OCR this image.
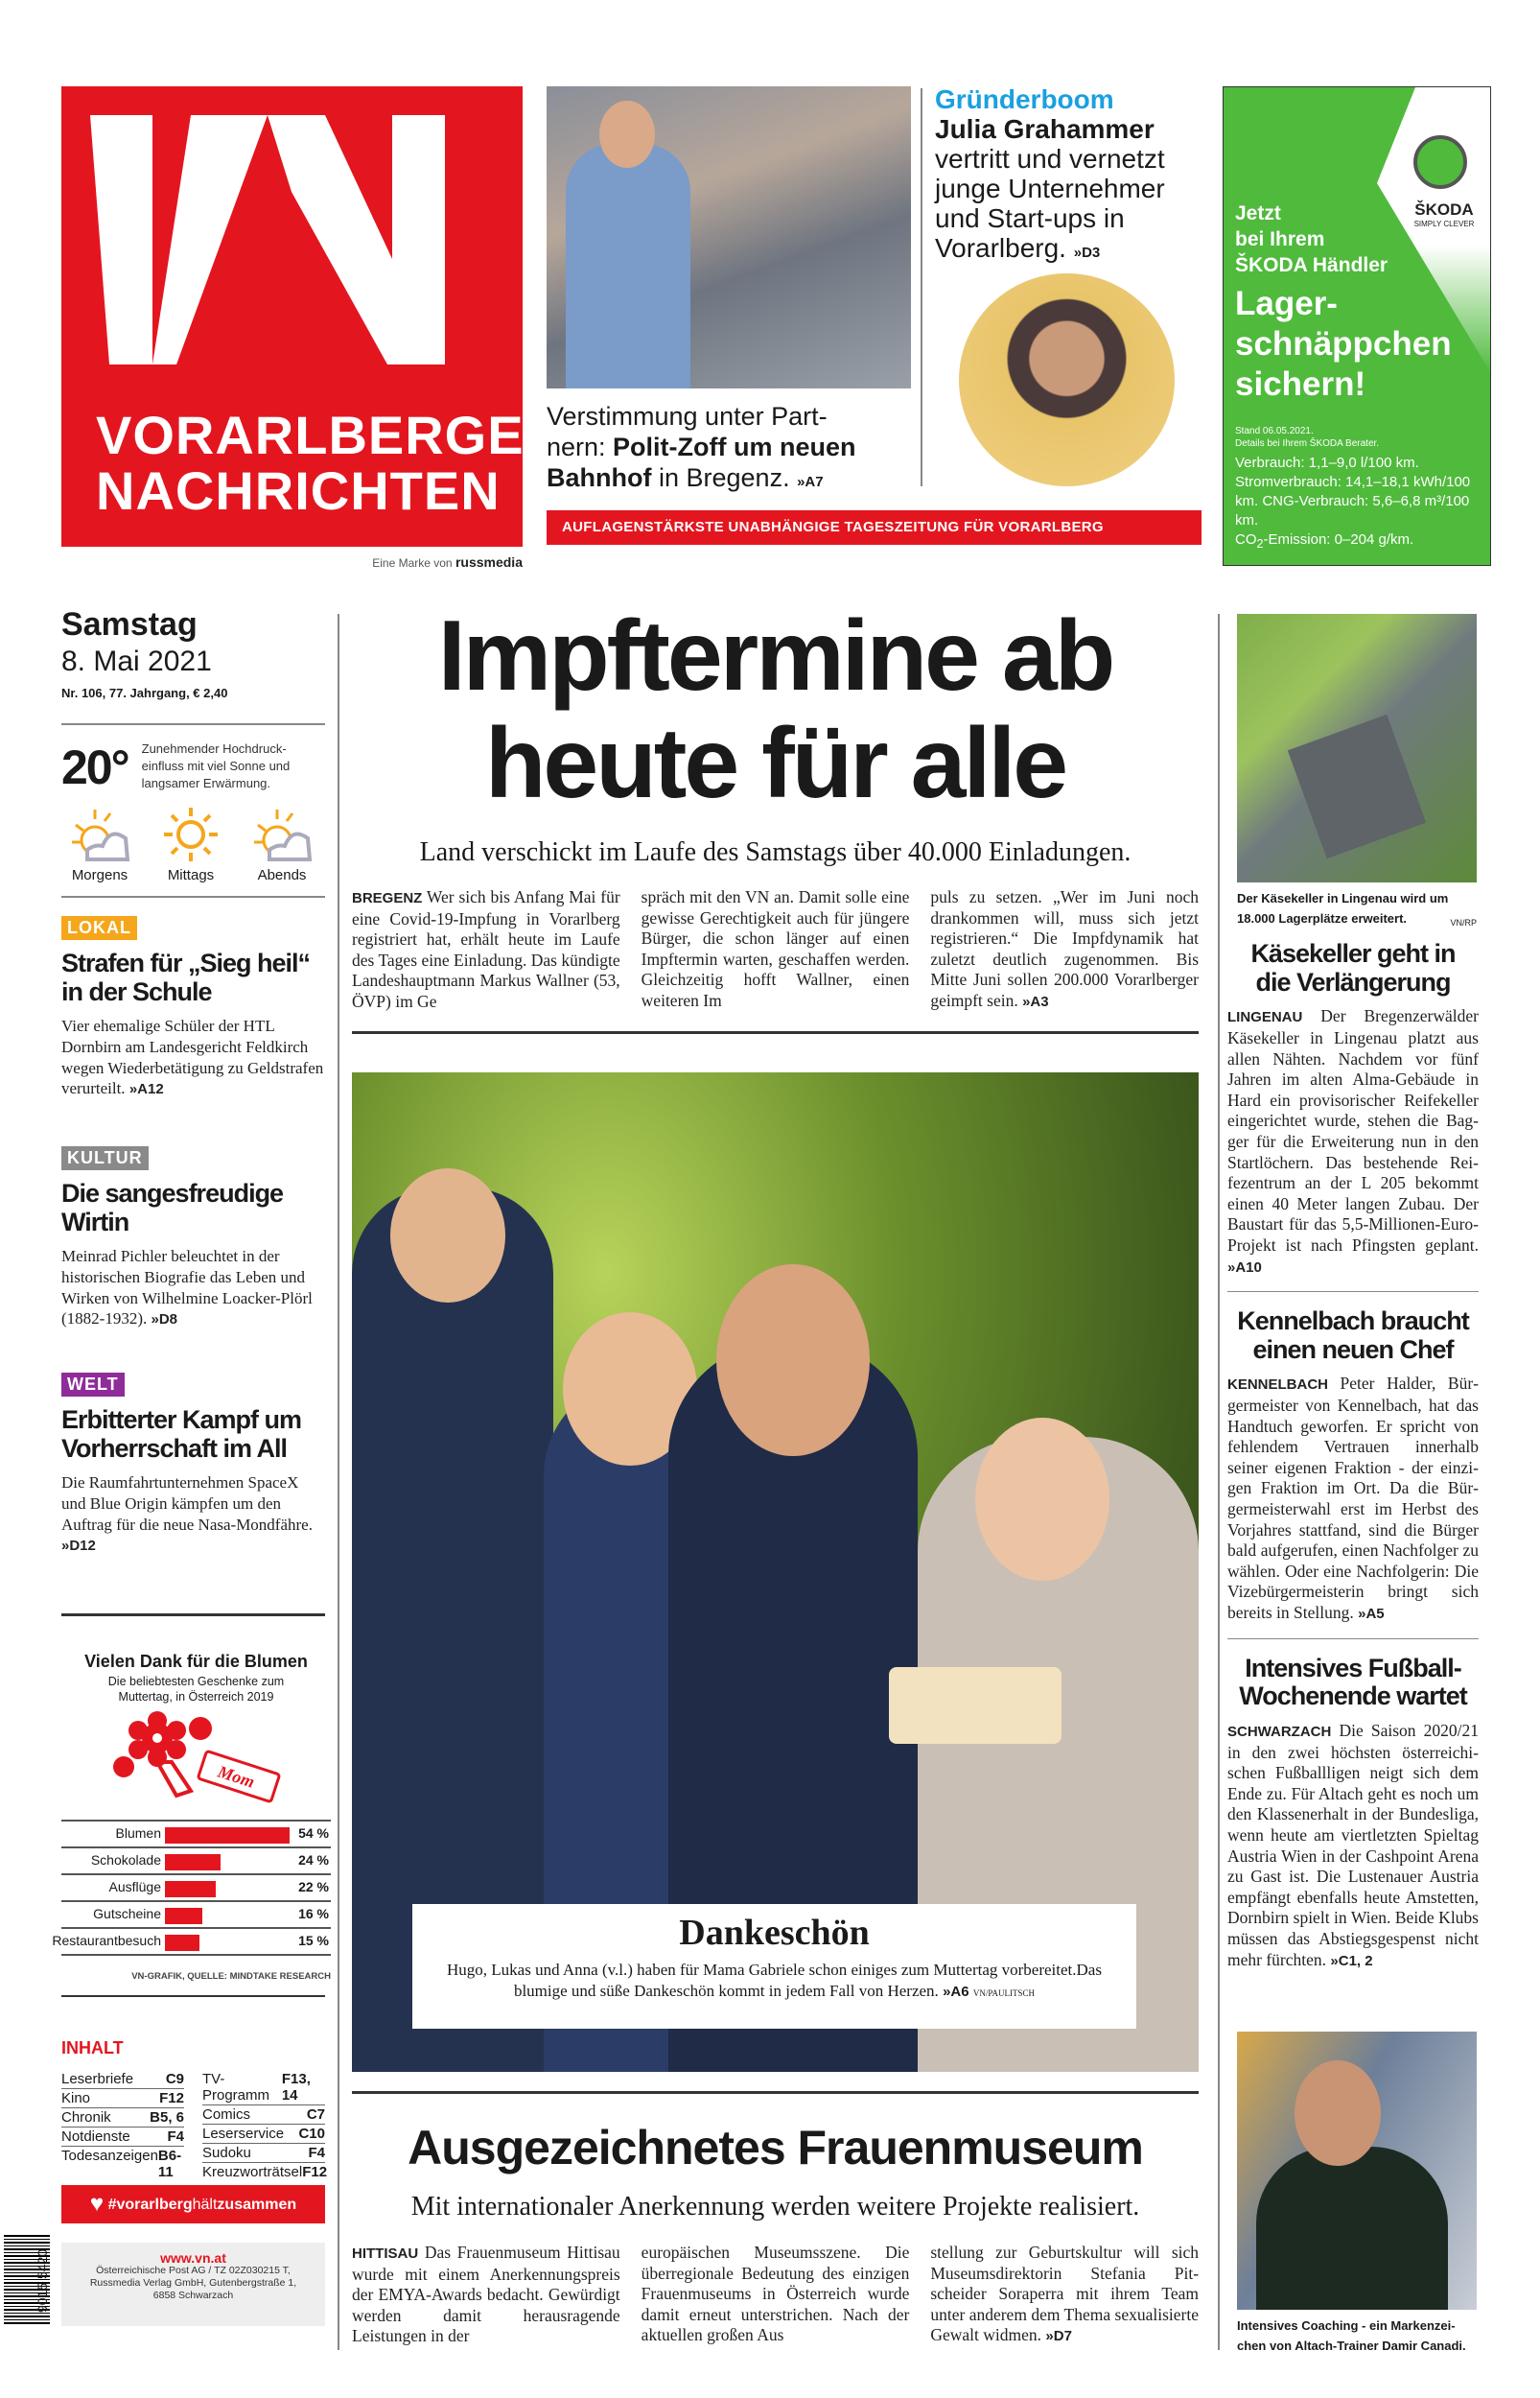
VORARLBERGER
NACHRICHTEN
Eine Marke von russmedia
Verstimmung unter Partnern: Polit-Zoff um neuen Bahnhof in Bregenz. »A7
Gründerboom
Julia Grahammer
vertritt und vernetzt junge Unternehmer und Start-ups in Vorarlberg. »D3
AUFLAGENSTÄRKSTE UNABHÄNGIGE TAGESZEITUNG FÜR VORARLBERG
ŠKODA
SIMPLY CLEVER
Jetzt
bei Ihrem
ŠKODA Händler
Lager-
schnäppchen
sichern!
Stand 06.05.2021.
Details bei Ihrem ŠKODA Berater.
Verbrauch: 1,1–9,0 l/100 km. Stromverbrauch: 14,1–18,1 kWh/100 km. CNG-Verbrauch: 5,6–6,8 m³/100 km.
$CO_2$-Emission: 0–204 g/km.
Samstag
8. Mai 2021
Nr. 106, 77. Jahrgang, € 2,40
20° Zunehmender Hochdruckeinfluss mit viel Sonne und langsamer Erwärmung.
Morgens	Mittags	Abends
LOKAL
Strafen für „Sieg heil“ in der Schule
Vier ehemalige Schüler der HTL Dornbirn am Landesgericht Feldkirch wegen Wiederbetätigung zu Geldstrafen verurteilt. »A12
KULTUR
Die sangesfreudige Wirtin
Meinrad Pichler beleuchtet in der historischen Biografie das Leben und Wirken von Wilhelmine Loacker-Plörl (1882-1932). »D8
WELT
Erbitterter Kampf um Vorherrschaft im All
Die Raumfahrtunternehmen SpaceX und Blue Origin kämpfen um den Auftrag für die neue Nasa-Mondfähre. »D12
Vielen Dank für die Blumen
Die beliebtesten Geschenke zum Muttertag, in Österreich 2019
Mom
Blumen	54 %
Schokolade	24 %
Ausflüge	22 %
Gutscheine	16 %
Restaurantbesuch	15 %
VN-GRAFIK, QUELLE: MINDTAKE RESEARCH
INHALT
Leserbriefe C9
Kino	F12
Chronik	B5, 6
Notdienste	F4
Todesanzeigen B6-11
TV-Programm
F13, 14
Comics	C7
Leserservice C10
Sudoku	F4
Kreuzworträtsel F12
♥ #vorarlberghältzusammen
9015 5420	www.vn.at
Österreichische Post AG / TZ 02Z030215 T,
Russmedia Verlag GmbH, Gutenbergstraße 1,
6858 Schwarzach
Impftermine ab
heute für alle
Land verschickt im Laufe des Samstags über 40.000 Einladungen.
BREGENZ Wer sich bis Anfang Mai für eine Covid-19-Impfung in Vorarlberg registriert hat, erhält heute im Laufe des Tages eine Einladung. Das kündigte Landeshauptmann Markus Wallner (53, ÖVP) im Ge
spräch mit den VN an. Damit solle eine gewisse Gerechtigkeit auch für jüngere Bürger, die schon länger auf einen Impftermin warten, geschaffen werden. Gleichzeitig hofft Wallner, einen weiteren Im
puls zu setzen. „Wer im Juni noch drankommen will, muss sich jetzt registrieren.“ Die Impfdynamik hat zuletzt deutlich zugenommen. Bis Mitte Juni sollen 200.000 Vorarlberger geimpft sein. »A3
Dankeschön
Hugo, Lukas und Anna (v.l.) haben für Mama Gabriele schon einiges zum Muttertag vorbereitet.Das blumige und süße Dankeschön kommt in jedem Fall von Herzen. »A6 VN/PAULITSCH
Ausgezeichnetes Frauenmuseum
Mit internationaler Anerkennung werden weitere Projekte realisiert.
HITTISAU Das Frauenmuseum Hittisau wurde mit einem Anerkennungspreis der EMYA-Awards bedacht. Gewürdigt werden damit herausragende Leistungen in der
europäischen Museumsszene. Die überregionale Bedeutung des einzigen Frauenmuseums in Österreich wurde damit erneut unterstrichen. Nach der aktuellen großen Aus
stellung zur Geburtskultur will sich Museumsdirektorin Stefania Pitscheider Soraperra mit ihrem Team unter anderem dem Thema sexualisierte Gewalt widmen. »D7
Der Käsekeller in Lingenau wird um 18.000 Lagerplätze erweitert.	VN/RP
Käsekeller geht in die Verlängerung
LINGENAU Der Bregenzerwälder Käsekeller in Lingenau platzt aus allen Nähten. Nachdem vor fünf Jahren im alten Alma-Gebäude in Hard ein provisorischer Reifekeller eingerichtet wurde, stehen die Bagger für die Erweiterung nun in den Startlöchern. Das bestehende Reifezentrum an der L 205 bekommt einen 40 Meter langen Zubau. Der Baustart für das 5,5-Millionen-Euro-Projekt ist nach Pfingsten geplant. »A10
Kennelbach braucht einen neuen Chef
KENNELBACH Peter Halder, Bürgermeister von Kennelbach, hat das Handtuch geworfen. Er spricht von fehlendem Vertrauen innerhalb seiner eigenen Fraktion - der einzigen Fraktion im Ort. Da die Bürgermeisterwahl erst im Herbst des Vorjahres stattfand, sind die Bürger bald aufgerufen, einen Nachfolger zu wählen. Oder eine Nachfolgerin: Die Vizebürgermeisterin bringt sich bereits in Stellung. »A5
Intensives Fußball-Wochenende wartet
SCHWARZACH Die Saison 2020/21 in den zwei höchsten österreichischen Fußballligen neigt sich dem Ende zu. Für Altach geht es noch um den Klassenerhalt in der Bundesliga, wenn heute am viertletzten Spieltag Austria Wien in der Cashpoint Arena zu Gast ist. Die Lustenauer Austria empfängt ebenfalls heute Amstetten, Dornbirn spielt in Wien. Beide Klubs müssen das Abstiegsgespenst nicht mehr fürchten. »C1, 2
Intensives Coaching - ein Markenzeichen von Altach-Trainer Damir Canadi.
